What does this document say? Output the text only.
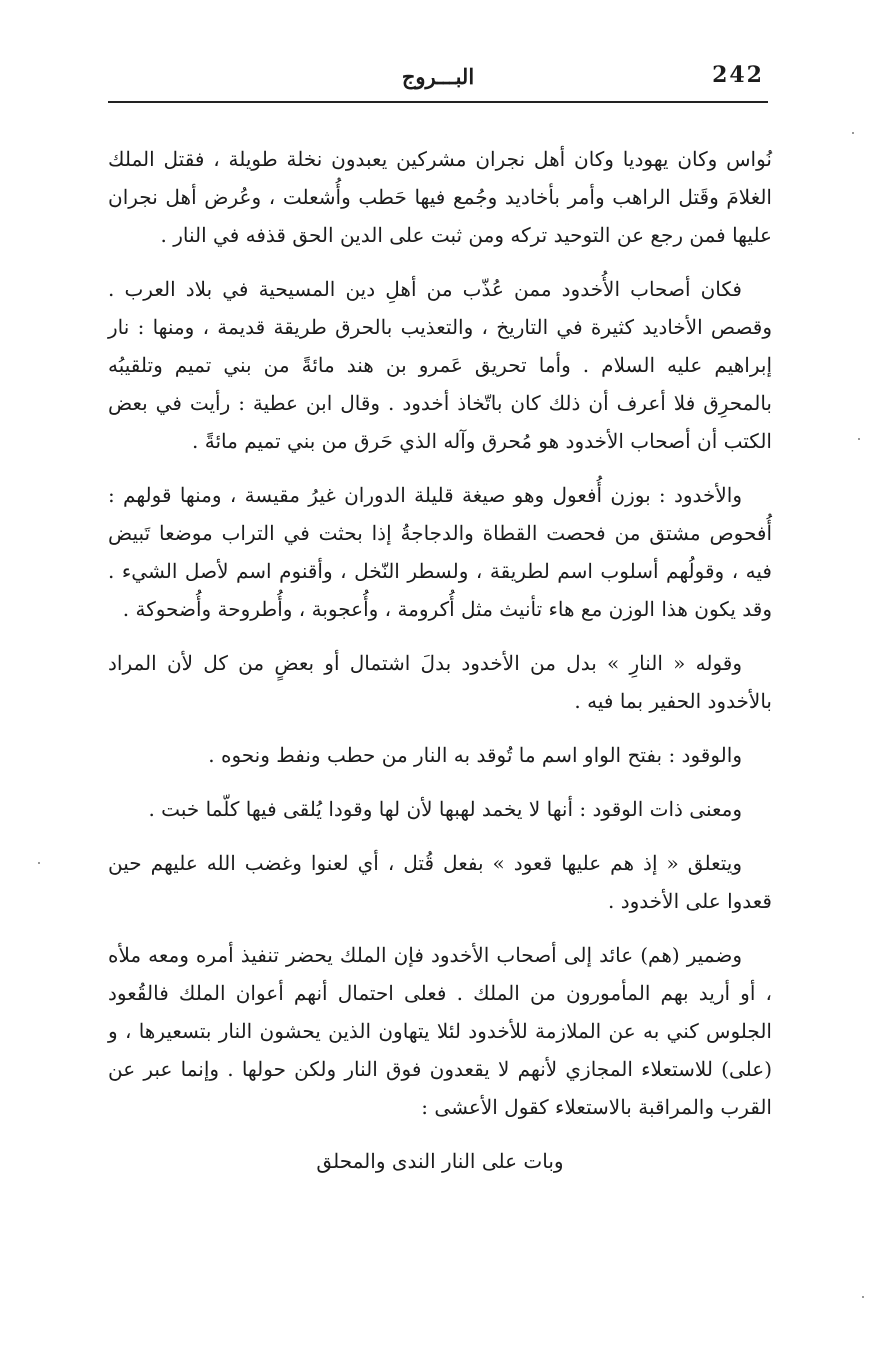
242
البـــروج

نُواس وكان يهوديا وكان أهل نجران مشركين يعبدون نخلة طويلة ، فقتل الملك الغلامَ وقَتل الراهب وأمر بأخاديد وجُمع فيها حَطب وأُشعلت ، وعُرض أهل نجران عليها فمن رجع عن التوحيد تركه ومن ثبت على الدين الحق قذفه في النار .

فكان أصحاب الأُخدود ممن عُذّب من أهلِ دين المسيحية في بلاد العرب . وقصص الأخاديد كثيرة في التاريخ ، والتعذيب بالحرق طريقة قديمة ، ومنها : نار إبراهيم عليه السلام . وأما تحريق عَمرو بن هند مائةً من بني تميم وتلقيبُه بالمحرِق فلا أعرف أن ذلك كان باتّخاذ أخدود . وقال ابن عطية : رأيت في بعض الكتب أن أصحاب الأخدود هو مُحرق وآله الذي حَرق من بني تميم مائةً .

والأخدود : بوزن أُفعول وهو صيغة قليلة الدوران غيرُ مقيسة ، ومنها قولهم : أُفحوص مشتق من فحصت القطاة والدجاجةُ إذا بحثت في التراب موضعا تَبيض فيه ، وقولُهم أسلوب اسم لطريقة ، ولسطر النّخل ، وأقنوم اسم لأصل الشيء . وقد يكون هذا الوزن مع هاء تأنيث مثل أُكرومة ، وأُعجوبة ، وأُطروحة وأُضحوكة .

وقوله « النارِ » بدل من الأخدود بدلَ اشتمال أو بعضٍ من كل لأن المراد بالأخدود الحفير بما فيه .

والوقود : بفتح الواو اسم ما تُوقد به النار من حطب ونفط ونحوه .

ومعنى ذات الوقود : أنها لا يخمد لهبها لأن لها وقودا يُلقى فيها كلّما خبت .

ويتعلق « إذ هم عليها قعود » بفعل قُتل ، أي لعنوا وغضب الله عليهم حين قعدوا على الأخدود .

وضمير (هم) عائد إلى أصحاب الأخدود فإن الملك يحضر تنفيذ أمره ومعه ملأه ، أو أريد بهم المأمورون من الملك . فعلى احتمال أنهم أعوان الملك فالقُعود الجلوس كني به عن الملازمة للأخدود لئلا يتهاون الذين يحشون النار بتسعيرها ، و (على) للاستعلاء المجازي لأنهم لا يقعدون فوق النار ولكن حولها . وإنما عبر عن القرب والمراقبة بالاستعلاء كقول الأعشى :

وبات على النار الندى والمحلق
